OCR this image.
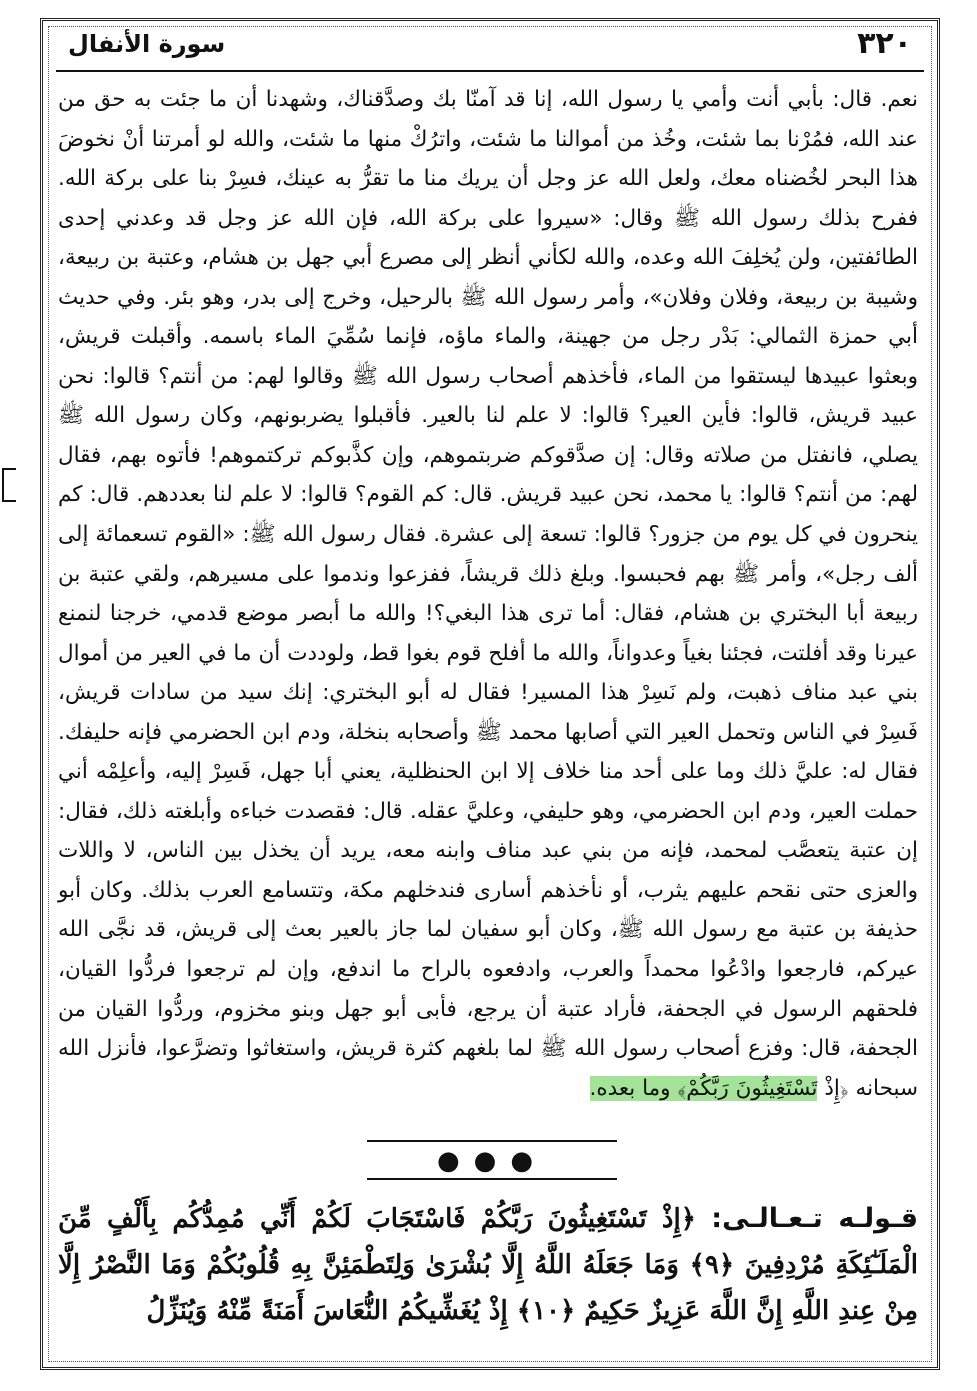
٣٢٠
سورة الأنفال

نعم. قال: بأبي أنت وأمي يا رسول الله، إنا قد آمنّا بك وصدَّقناك، وشهدنا أن ما جئت به حق من عند الله، فمُرْنا بما شئت، وخُذ من أموالنا ما شئت، واترُكْ منها ما شئت، والله لو أمرتنا أنْ نخوضَ هذا البحر لخُضناه معك، ولعل الله عز وجل أن يريك منا ما تقرُّ به عينك، فسِرْ بنا على بركة الله. ففرح بذلك رسول الله ﷺ وقال: «سيروا على بركة الله، فإن الله عز وجل قد وعدني إحدى الطائفتين، ولن يُخلِفَ الله وعده، والله لكأني أنظر إلى مصرع أبي جهل بن هشام، وعتبة بن ربيعة، وشيبة بن ربيعة، وفلان وفلان»، وأمر رسول الله ﷺ بالرحيل، وخرج إلى بدر، وهو بئر. وفي حديث أبي حمزة الثمالي: بَدْر رجل من جهينة، والماء ماؤه، فإنما سُمِّيَ الماء باسمه. وأقبلت قريش، وبعثوا عبيدها ليستقوا من الماء، فأخذهم أصحاب رسول الله ﷺ وقالوا لهم: من أنتم؟ قالوا: نحن عبيد قريش، قالوا: فأين العير؟ قالوا: لا علم لنا بالعير. فأقبلوا يضربونهم، وكان رسول الله ﷺ يصلي، فانفتل من صلاته وقال: إن صدَّقوكم ضربتموهم، وإن كذَّبوكم تركتموهم! فأتوه بهم، فقال لهم: من أنتم؟ قالوا: يا محمد، نحن عبيد قريش. قال: كم القوم؟ قالوا: لا علم لنا بعددهم. قال: كم ينحرون في كل يوم من جزور؟ قالوا: تسعة إلى عشرة. فقال رسول الله ﷺ: «القوم تسعمائة إلى ألف رجل»، وأمر ﷺ بهم فحبسوا. وبلغ ذلك قريشاً، ففزعوا وندموا على مسيرهم، ولقي عتبة بن ربيعة أبا البختري بن هشام، فقال: أما ترى هذا البغي؟! والله ما أبصر موضع قدمي، خرجنا لنمنع عيرنا وقد أفلتت، فجئنا بغياً وعدواناً، والله ما أفلح قوم بغوا قط، ولوددت أن ما في العير من أموال بني عبد مناف ذهبت، ولم نَسِرْ هذا المسير! فقال له أبو البختري: إنك سيد من سادات قريش، فَسِرْ في الناس وتحمل العير التي أصابها محمد ﷺ وأصحابه بنخلة، ودم ابن الحضرمي فإنه حليفك. فقال له: عليَّ ذلك وما على أحد منا خلاف إلا ابن الحنظلية، يعني أبا جهل، فَسِرْ إليه، وأعلِمْه أني حملت العير، ودم ابن الحضرمي، وهو حليفي، وعليَّ عقله. قال: فقصدت خباءه وأبلغته ذلك، فقال: إن عتبة يتعصَّب لمحمد، فإنه من بني عبد مناف وابنه معه، يريد أن يخذل بين الناس، لا واللات والعزى حتى نقحم عليهم يثرب، أو نأخذهم أسارى فندخلهم مكة، وتتسامع العرب بذلك. وكان أبو حذيفة بن عتبة مع رسول الله ﷺ، وكان أبو سفيان لما جاز بالعير بعث إلى قريش، قد نجَّى الله عيركم، فارجعوا وادْعُوا محمداً والعرب، وادفعوه بالراح ما اندفع، وإن لم ترجعوا فردُّوا القيان، فلحقهم الرسول في الجحفة، فأراد عتبة أن يرجع، فأبى أبو جهل وبنو مخزوم، وردُّوا القيان من الجحفة، قال: وفزع أصحاب رسول الله ﷺ لما بلغهم كثرة قريش، واستغاثوا وتضرَّعوا، فأنزل الله سبحانه ﴿إِذْ تَسْتَغِيثُونَ رَبَّكُمْ﴾ وما بعده.

●●●

قـولـه تـعـالـى: ﴿إِذْ تَسْتَغِيثُونَ رَبَّكُمْ فَاسْتَجَابَ لَكُمْ أَنِّي مُمِدُّكُم بِأَلْفٍ مِّنَ الْمَلَـٰٓئِكَةِ مُرْدِفِينَ ﴿٩﴾ وَمَا جَعَلَهُ اللَّهُ إِلَّا بُشْرَىٰ وَلِتَطْمَئِنَّ بِهِ قُلُوبُكُمْ وَمَا النَّصْرُ إِلَّا مِنْ عِندِ اللَّهِ إِنَّ اللَّهَ عَزِيزٌ حَكِيمٌ ﴿١٠﴾ إِذْ يُغَشِّيكُمُ النُّعَاسَ أَمَنَةً مِّنْهُ وَيُنَزِّلُ
